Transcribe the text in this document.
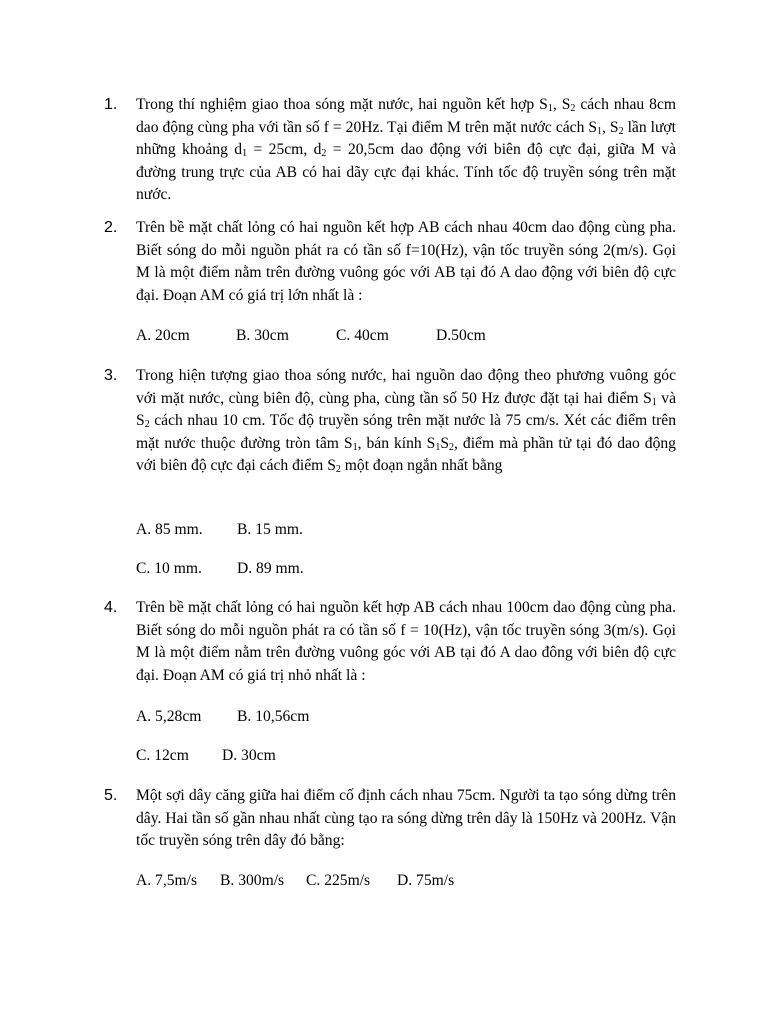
1. Trong thí nghiệm giao thoa sóng mặt nước, hai nguồn kết hợp $S_1$, $S_2$ cách nhau 8cm dao động cùng pha với tần số f = 20Hz. Tại điểm M trên mặt nước cách $S_1$, $S_2$ lần lượt những khoảng $d_1 = 25cm$, $d_2 = 20,5cm$ dao động với biên độ cực đại, giữa M và đường trung trực của AB có hai dãy cực đại khác. Tính tốc độ truyền sóng trên mặt nước.
2. Trên bề mặt chất lỏng có hai nguồn kết hợp AB cách nhau 40cm dao động cùng pha. Biết sóng do mỗi nguồn phát ra có tần số f=10(Hz), vận tốc truyền sóng 2(m/s). Gọi M là một điểm nằm trên đường vuông góc với AB tại đó A dao động với biên độ cực đại. Đoạn AM có giá trị lớn nhất là :
A. 20cm	B. 30cm	C. 40cm	D.50cm
3. Trong hiện tượng giao thoa sóng nước, hai nguồn dao động theo phương vuông góc với mặt nước, cùng biên độ, cùng pha, cùng tần số 50 Hz được đặt tại hai điểm $S_1$ và $S_2$ cách nhau 10 cm. Tốc độ truyền sóng trên mặt nước là 75 cm/s. Xét các điểm trên mặt nước thuộc đường tròn tâm $S_1$, bán kính $S_1S_2$, điểm mà phần tử tại đó dao động với biên độ cực đại cách điểm $S_2$ một đoạn ngắn nhất bằng
A. 85 mm. B. 15 mm.
C. 10 mm. D. 89 mm.
4. Trên bề mặt chất lỏng có hai nguồn kết hợp AB cách nhau 100cm dao động cùng pha. Biết sóng do mỗi nguồn phát ra có tần số f = 10(Hz), vận tốc truyền sóng 3(m/s). Gọi M là một điểm nằm trên đường vuông góc với AB tại đó A dao đông với biên độ cực đại. Đoạn AM có giá trị nhỏ nhất là :
A. 5,28cm B. 10,56cm
C. 12cm D. 30cm
5. Một sợi dây căng giữa hai điểm cố định cách nhau 75cm. Người ta tạo sóng dừng trên dây. Hai tần số gần nhau nhất cùng tạo ra sóng dừng trên dây là 150Hz và 200Hz. Vận tốc truyền sóng trên dây đó bằng:
A. 7,5m/s B. 300m/s C. 225m/s D. 75m/s
